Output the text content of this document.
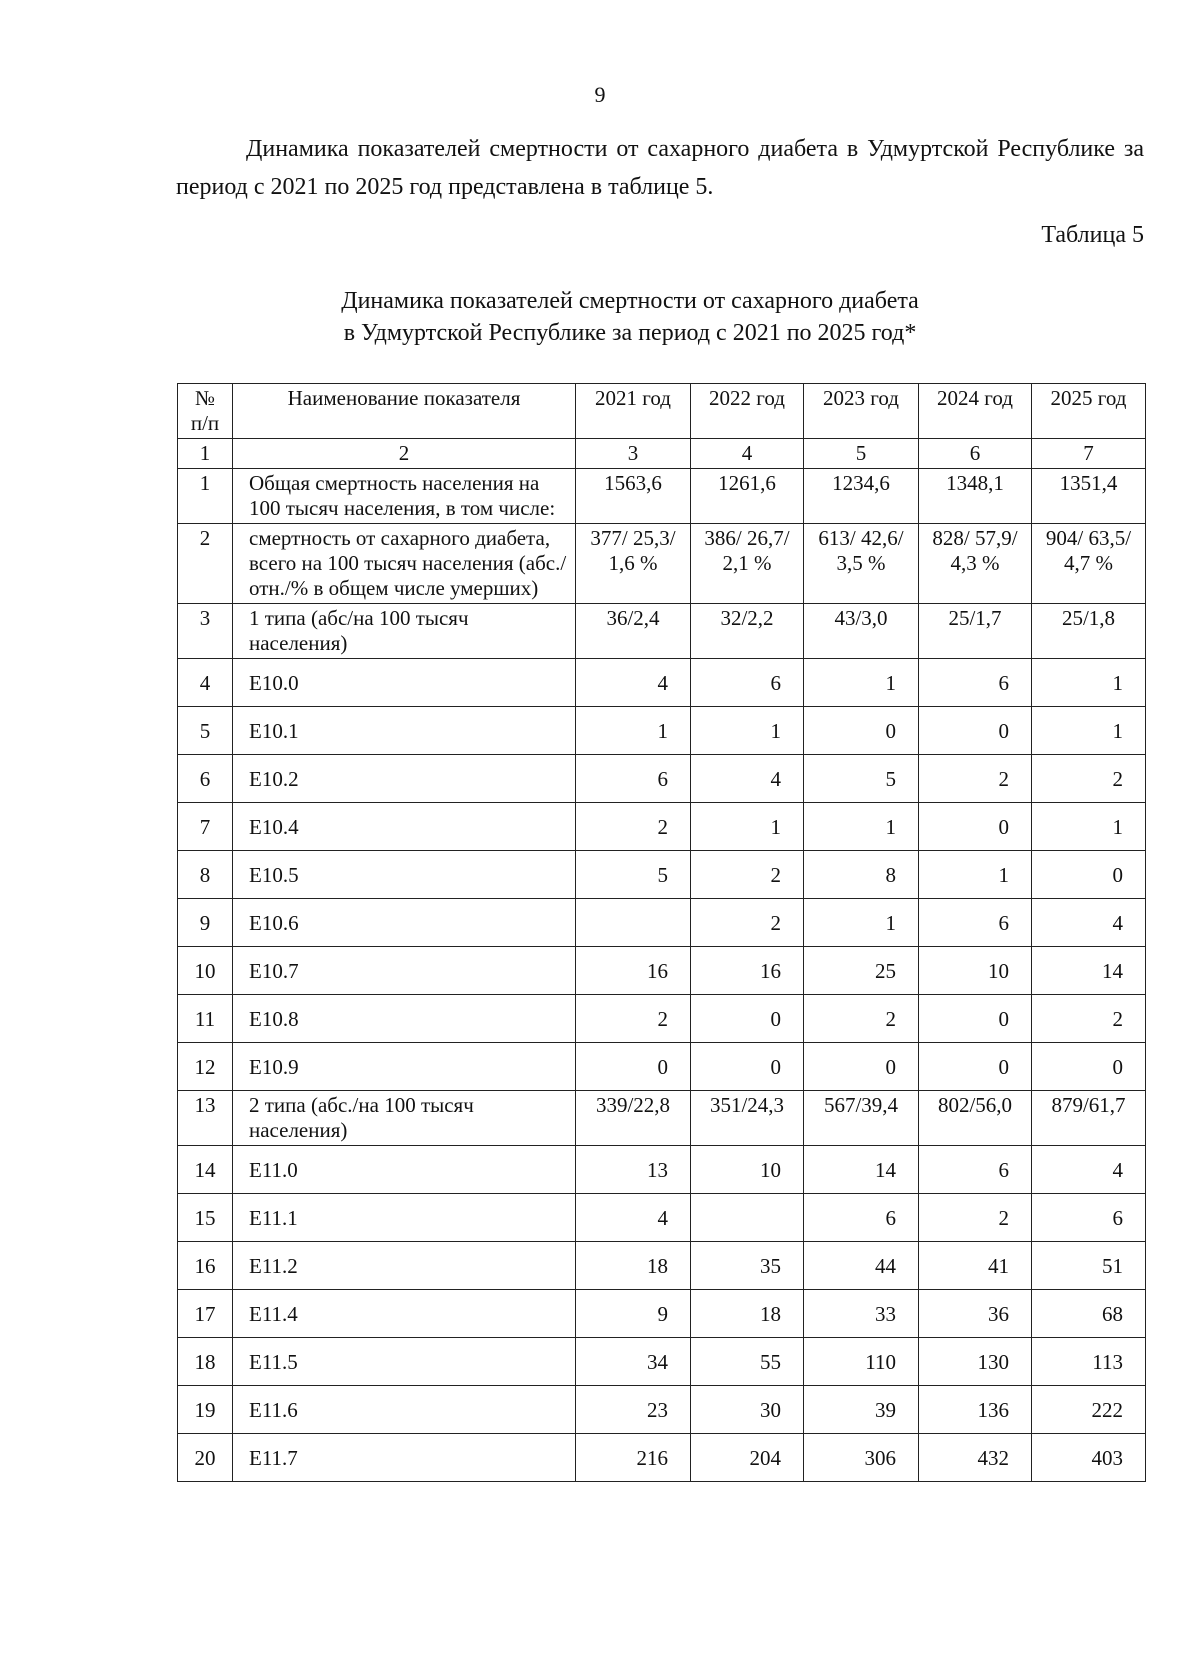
9
Динамика показателей смертности от сахарного диабета в Удмуртской Республике за период с 2021 по 2025 год представлена в таблице 5.
Таблица 5
Динамика показателей смертности от сахарного диабета
в Удмуртской Республике за период с 2021 по 2025 год*
№ п/п	Наименование показателя	2021 год	2022 год	2023 год	2024 год	2025 год
1	2	3	4	5	6	7
1	Общая смертность населения на 100 тысяч населения, в том числе:	1563,6	1261,6	1234,6	1348,1	1351,4
2	смертность от сахарного диабета, всего на 100 тысяч населения (абс./отн./% в общем числе умерших)	377/ 25,3/ 1,6 %	386/ 26,7/ 2,1 %	613/ 42,6/ 3,5 %	828/ 57,9/ 4,3 %	904/ 63,5/ 4,7 %
3	1 типа (абс/на 100 тысяч населения)	36/2,4	32/2,2	43/3,0	25/1,7	25/1,8
4	E10.0	4	6	1	6	1
5	E10.1	1	1	0	0	1
6	E10.2	6	4	5	2	2
7	E10.4	2	1	1	0	1
8	E10.5	5	2	8	1	0
9	E10.6		2	1	6	4
10	E10.7	16	16	25	10	14
11	E10.8	2	0	2	0	2
12	E10.9	0	0	0	0	0
13	2 типа (абс./на 100 тысяч населения)	339/22,8	351/24,3	567/39,4	802/56,0	879/61,7
14	E11.0	13	10	14	6	4
15	E11.1	4		6	2	6
16	E11.2	18	35	44	41	51
17	E11.4	9	18	33	36	68
18	E11.5	34	55	110	130	113
19	E11.6	23	30	39	136	222
20	E11.7	216	204	306	432	403
